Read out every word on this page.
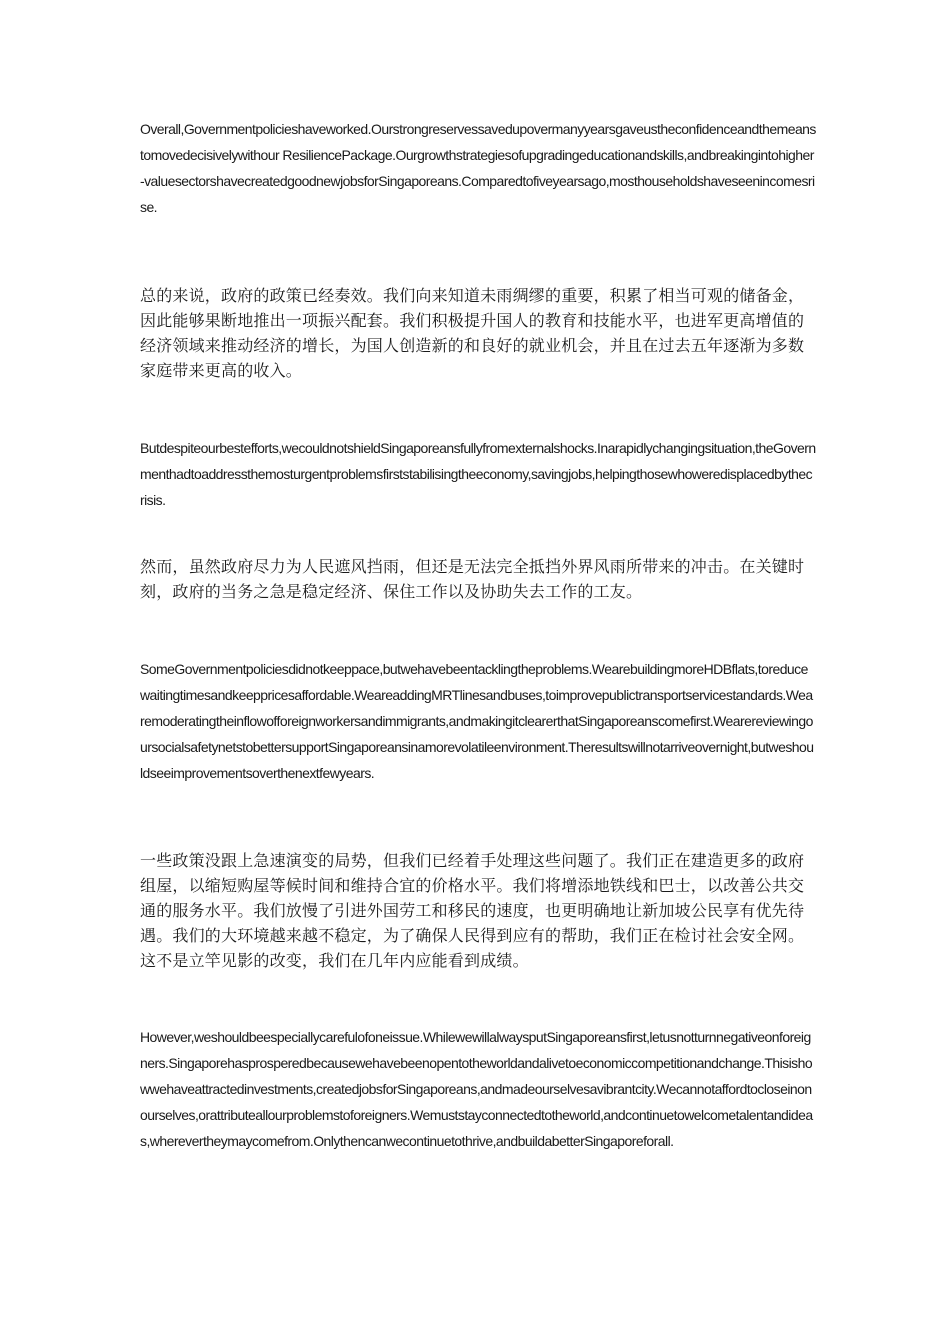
Overall,Governmentpolicieshaveworked.Ourstrongreservessavedupovermanyyearsgaveustheconfidenceandthemeanstomovedecisivelywithour ResiliencePackage.Ourgrowthstrategiesofupgradingeducationandskills,andbreakingintohigher-valuesectorshavecreatedgoodnewjobsforSingaporeans.Comparedtofiveyearsago,mosthouseholdshaveseenincomesrise.

总的来说，政府的政策已经奏效。我们向来知道未雨绸缪的重要，积累了相当可观的储备金，因此能够果断地推出一项振兴配套。我们积极提升国人的教育和技能水平，也进军更高增值的经济领域来推动经济的增长，为国人创造新的和良好的就业机会，并且在过去五年逐渐为多数家庭带来更高的收入。

Butdespiteourbestefforts,wecouldnotshieldSingaporeansfullyfromexternalshocks.Inarapidlychangingsituation,theGovernmenthadtoaddressthemosturgentproblemsfirststabilisingtheeconomy,savingjobs,helpingthosewhoweredisplacedbythecrisis.

然而，虽然政府尽力为人民遮风挡雨，但还是无法完全抵挡外界风雨所带来的冲击。在关键时刻，政府的当务之急是稳定经济、保住工作以及协助失去工作的工友。

SomeGovernmentpoliciesdidnotkeeppace,butwehavebeentacklingtheproblems.WearebuildingmoreHDBflats,toreducewaitingtimesandkeeppricesaffordable.WeareaddingMRTlinesandbuses,toimprovepublictransportservicestandards.Wearemoderatingtheinflowofforeignworkersandimmigrants,andmakingitclearerthatSingaporeanscomefirst.WearereviewingoursocialsafetynetstobettersupportSingaporeansinamorevolatileenvironment.Theresultswillnotarriveovernight,butweshouldseeimprovementsoverthenextfewyears.

一些政策没跟上急速演变的局势，但我们已经着手处理这些问题了。我们正在建造更多的政府组屋，以缩短购屋等候时间和维持合宜的价格水平。我们将增添地铁线和巴士，以改善公共交通的服务水平。我们放慢了引进外国劳工和移民的速度，也更明确地让新加坡公民享有优先待遇。我们的大环境越来越不稳定，为了确保人民得到应有的帮助，我们正在检讨社会安全网。这不是立竿见影的改变，我们在几年内应能看到成绩。

However,weshouldbeespeciallycarefulofoneissue.WhilewewillalwaysputSingaporeansfirst,letusnotturnnegativeonforeigners.Singaporehasprosperedbecausewehavebeenopentotheworldandalivetoeconomiccompetitionandchange.Thisishowwehaveattractedinvestments,createdjobsforSingaporeans,andmadeourselvesavibrantcity.Wecannotaffordtocloseinonourselves,orattributeallourproblemstoforeigners.Wemuststayconnectedtotheworld,andcontinuetowelcometalentandideas,wherevertheymaycomefrom.Onlythencanwecontinuetothrive,andbuildabetterSingaporeforall.
